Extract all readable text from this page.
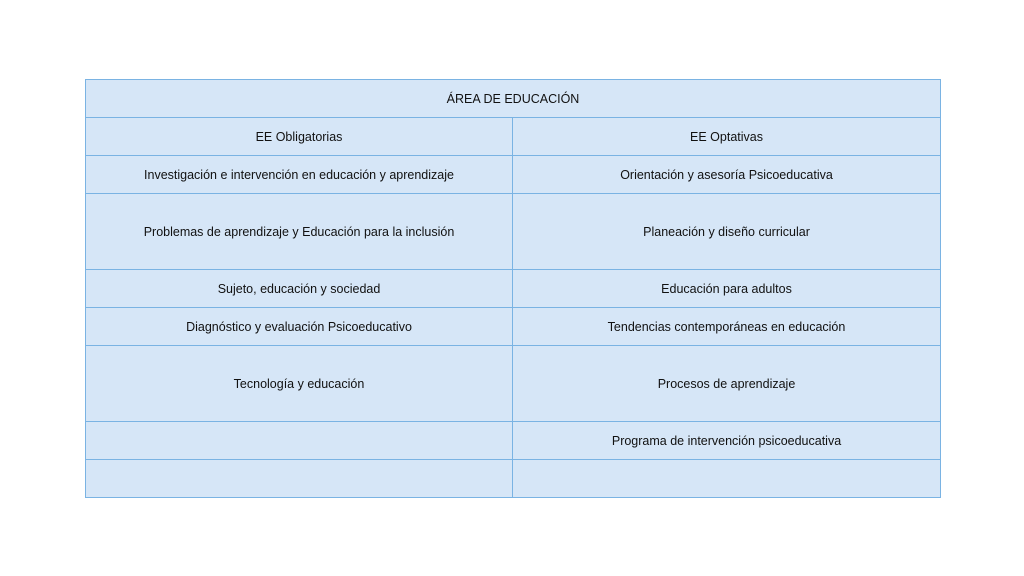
ÁREA DE EDUCACIÓN	
EE Obligatorias	EE Optativas
Investigación e intervención en educación y aprendizaje	Orientación y asesoría Psicoeducativa
Problemas de aprendizaje y Educación para la inclusión	Planeación y diseño curricular
Sujeto, educación y sociedad	Educación para adultos
Diagnóstico y evaluación Psicoeducativo	Tendencias contemporáneas en educación
Tecnología y educación	Procesos de aprendizaje
	Programa de intervención psicoeducativa
